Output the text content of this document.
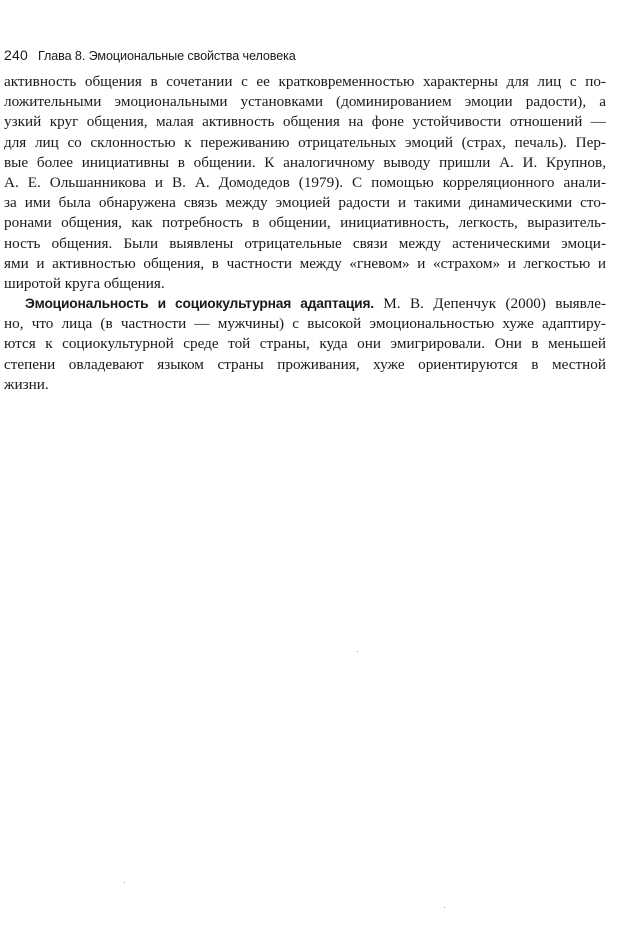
240 Глава 8. Эмоциональные свойства человека
активность общения в сочетании с ее кратковременностью характерны для лиц с по-
ложительными эмоциональными установками (доминированием эмоции радости), а
узкий круг общения, малая активность общения на фоне устойчивости отношений —
для лиц со склонностью к переживанию отрицательных эмоций (страх, печаль). Пер-
вые более инициативны в общении. К аналогичному выводу пришли А. И. Крупнов,
А. Е. Ольшанникова и В. А. Домодедов (1979). С помощью корреляционного анали-
за ими была обнаружена связь между эмоцией радости и такими динамическими сто-
ронами общения, как потребность в общении, инициативность, легкость, выразитель-
ность общения. Были выявлены отрицательные связи между астеническими эмоци-
ями и активностью общения, в частности между «гневом» и «страхом» и легкостью и
широтой круга общения.
Эмоциональность и социокультурная адаптация. М. В. Депенчук (2000) выявле-
но, что лица (в частности — мужчины) с высокой эмоциональностью хуже адаптиру-
ются к социокультурной среде той страны, куда они эмигрировали. Они в меньшей
степени овладевают языком страны проживания, хуже ориентируются в местной
жизни.
